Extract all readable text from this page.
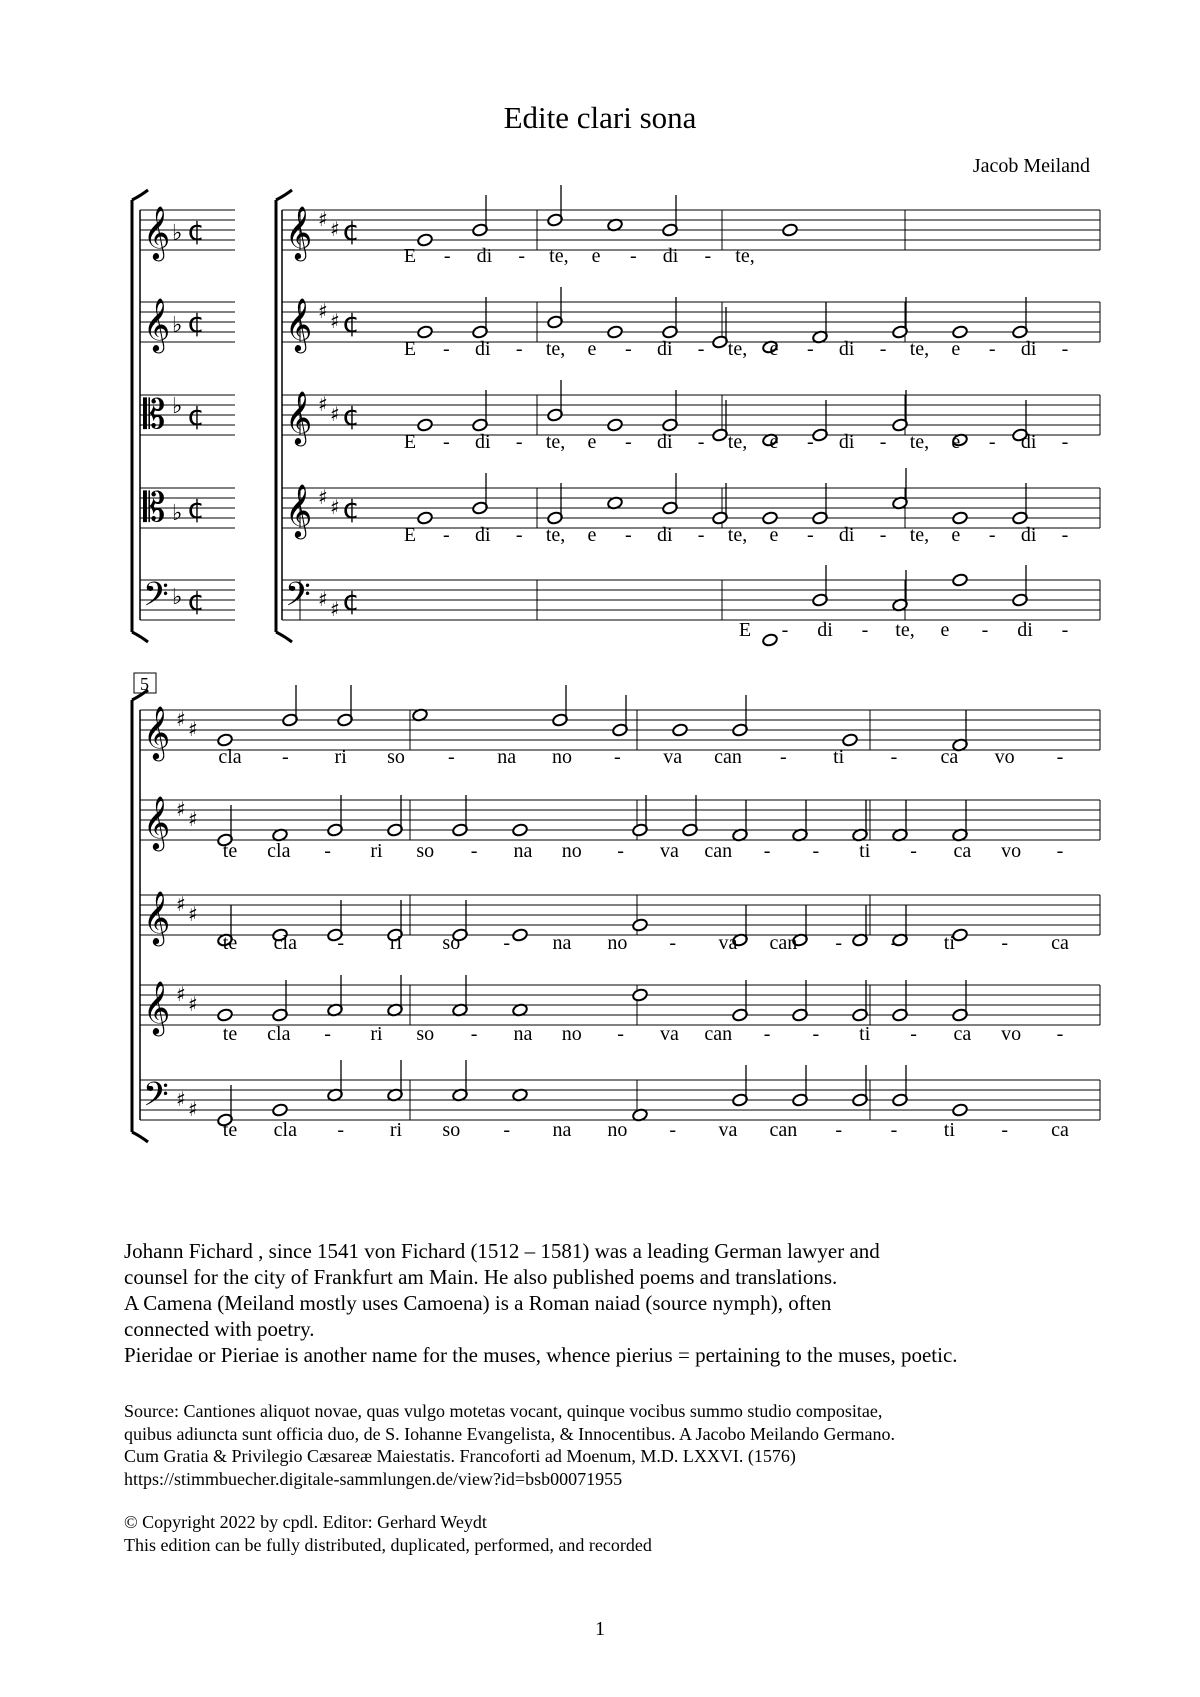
Edite clari sona
Jacob Meiland
𝄞
𝄞
𝄡
𝄡
𝄢
𝄞
𝄞
𝄞
𝄞
𝄢
𝄞
𝄞
𝄞
𝄞
𝄢
♭ ¢
♭ ¢
♭ ¢
♭ ¢
♭ ¢
♯ ♯ ¢
♯ ♯ ¢
♯ ♯ ¢
♯ ♯ ¢
♯ ♯ ¢
♯ ♯
♯ ♯
♯ ♯
♯ ♯
♯ ♯
E - di - te, e - di - te,
E - di - te, e - di - te, e - di - te, e - di -
E - di - te, e - di - te, e - di - te, e - di -
E - di - te, e - di - te, e - di - te, e - di -
E - di - te, e - di -
cla - ri so - na no - va can - ti - ca vo -
te cla - ri so - na no - va can - - ti - ca vo -
te cla - ri so - na no - va can - - ti - ca
te cla - ri so - na no - va can - - ti - ca vo -
te cla - ri so - na no - va can - - ti - ca
5

Johann Fichard , since 1541 von Fichard (1512 – 1581) was a leading German lawyer and

counsel for the city of Frankfurt am Main. He also published poems and translations.

A Camena (Meiland mostly uses Camoena) is a Roman naiad (source nymph), often

connected with poetry.

Pieridae or Pieriae is another name for the muses, whence pierius = pertaining to the muses, poetic.

Source: Cantiones aliquot novae, quas vulgo motetas vocant, quinque vocibus summo studio compositae,

quibus adiuncta sunt officia duo, de S. Iohanne Evangelista, & Innocentibus. A Jacobo Meilando Germano.

Cum Gratia & Privilegio Cæsareæ Maiestatis. Francoforti ad Moenum, M.D. LXXVI. (1576)

https://stimmbuecher.digitale-sammlungen.de/view?id=bsb00071955

© Copyright 2022 by cpdl. Editor: Gerhard Weydt

This edition can be fully distributed, duplicated, performed, and recorded

1
